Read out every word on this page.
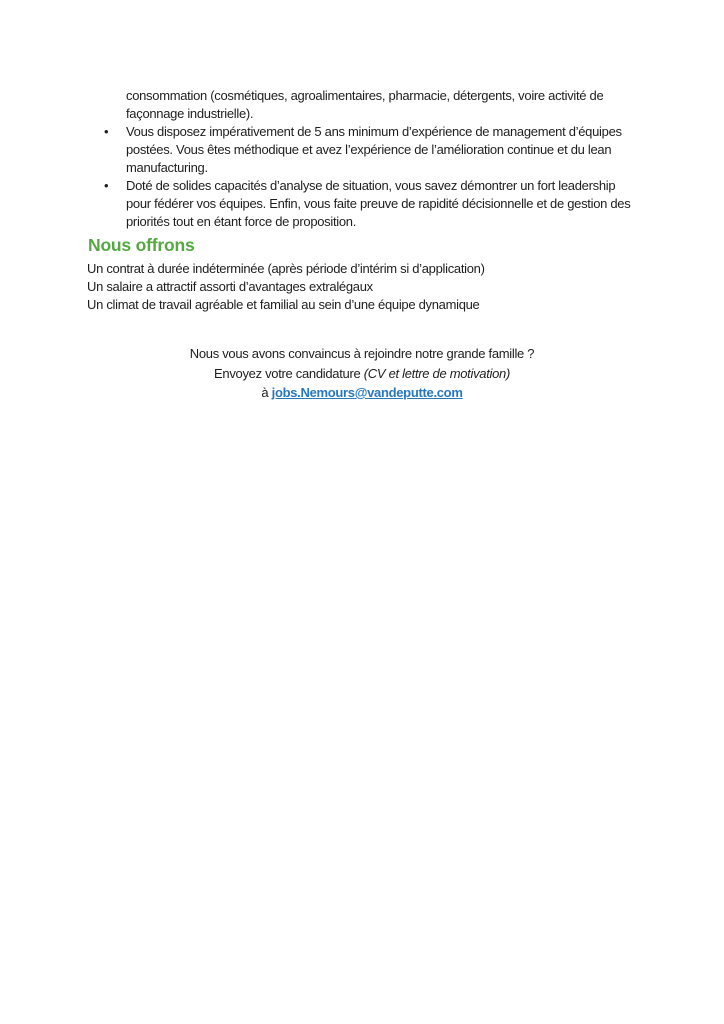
consommation (cosmétiques, agroalimentaires, pharmacie, détergents, voire activité de
façonnage industrielle).
•	Vous disposez impérativement de 5 ans minimum d’expérience de management d’équipes
postées. Vous êtes méthodique et avez l’expérience de l’amélioration continue et du lean
manufacturing.
•	Doté de solides capacités d’analyse de situation, vous savez démontrer un fort leadership
pour fédérer vos équipes. Enfin, vous faite preuve de rapidité décisionnelle et de gestion des
priorités tout en étant force de proposition.
Nous offrons
Un contrat à durée indéterminée (après période d’intérim si d’application)
Un salaire a attractif assorti d’avantages extralégaux
Un climat de travail agréable et familial au sein d’une équipe dynamique
Nous vous avons convaincus à rejoindre notre grande famille ?
Envoyez votre candidature (CV et lettre de motivation)
à jobs.Nemours@vandeputte.com
